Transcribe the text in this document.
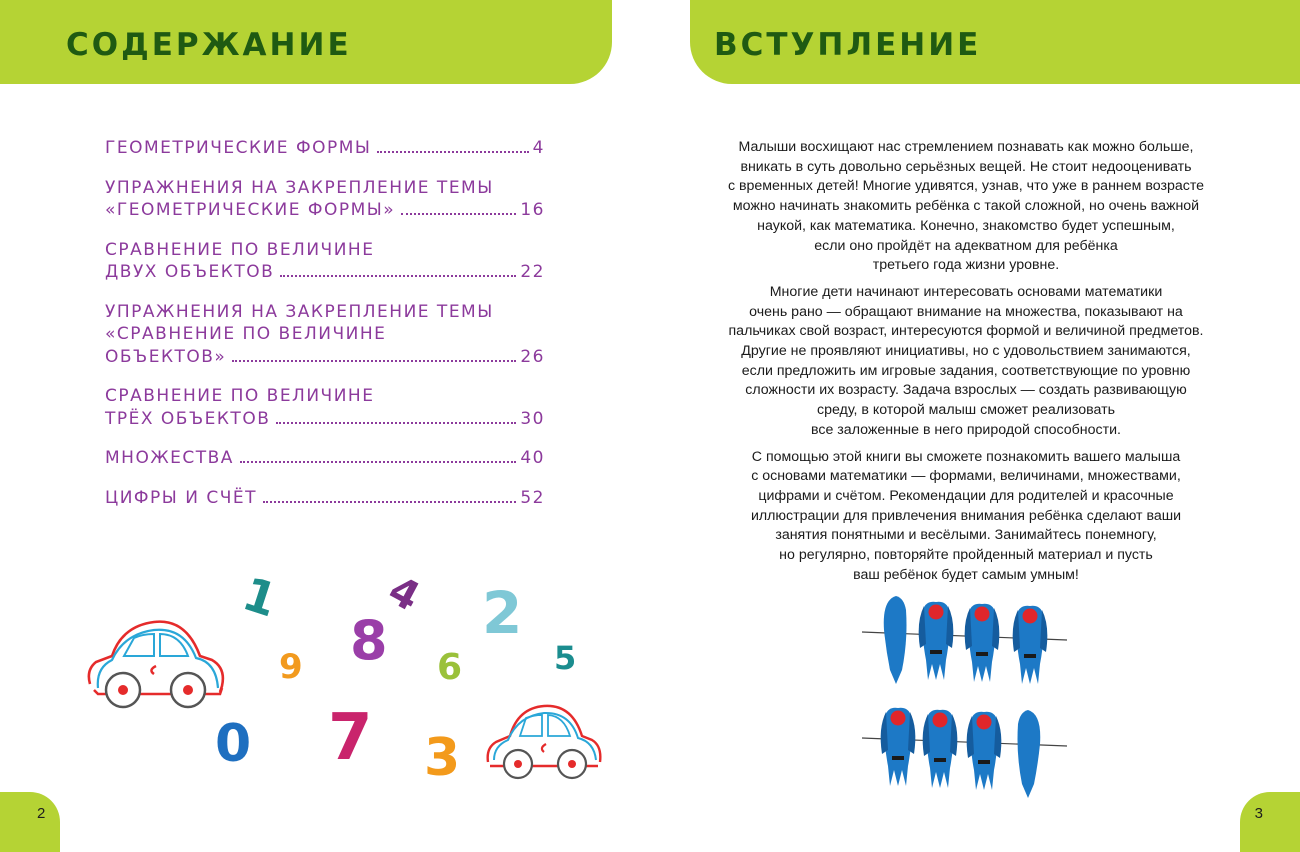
СОДЕРЖАНИЕ
ГЕОМЕТРИЧЕСКИЕ ФОРМЫ	4
УПРАЖНЕНИЯ НА ЗАКРЕПЛЕНИЕ ТЕМЫ
«ГЕОМЕТРИЧЕСКИЕ ФОРМЫ»	16
СРАВНЕНИЕ ПО ВЕЛИЧИНЕ
ДВУХ ОБЪЕКТОВ	22
УПРАЖНЕНИЯ НА ЗАКРЕПЛЕНИЕ ТЕМЫ
«СРАВНЕНИЕ ПО ВЕЛИЧИНЕ
ОБЪЕКТОВ»	26
СРАВНЕНИЕ ПО ВЕЛИЧИНЕ
ТРЁХ ОБЪЕКТОВ	30
МНОЖЕСТВА	40
ЦИФРЫ И СЧЁТ	52
1 4 2
8
9	6	5
0 7 3
2
ВСТУПЛЕНИЕ

Малыши восхищают нас стремлением познавать как можно больше,
вникать в суть довольно серьёзных вещей. Не стоит недооценивать
с временных детей! Многие удивятся, узнав, что уже в раннем возрасте
можно начинать знакомить ребёнка с такой сложной, но очень важной
наукой, как математика. Конечно, знакомство будет успешным,
если оно пройдёт на адекватном для ребёнка
третьего года жизни уровне.

Многие дети начинают интересовать основами математики
очень рано — обращают внимание на множества, показывают на
пальчиках свой возраст, интересуются формой и величиной предметов.
Другие не проявляют инициативы, но с удовольствием занимаются,
если предложить им игровые задания, соответствующие по уровню
сложности их возрасту. Задача взрослых — создать развивающую
среду, в которой малыш сможет реализовать
все заложенные в него природой способности.

С помощью этой книги вы сможете познакомить вашего малыша
с основами математики — формами, величинами, множествами,
цифрами и счётом. Рекомендации для родителей и красочные
иллюстрации для привлечения внимания ребёнка сделают ваши
занятия понятными и весёлыми. Занимайтесь понемногу,
но регулярно, повторяйте пройденный материал и пусть
ваш ребёнок будет самым умным!

3
